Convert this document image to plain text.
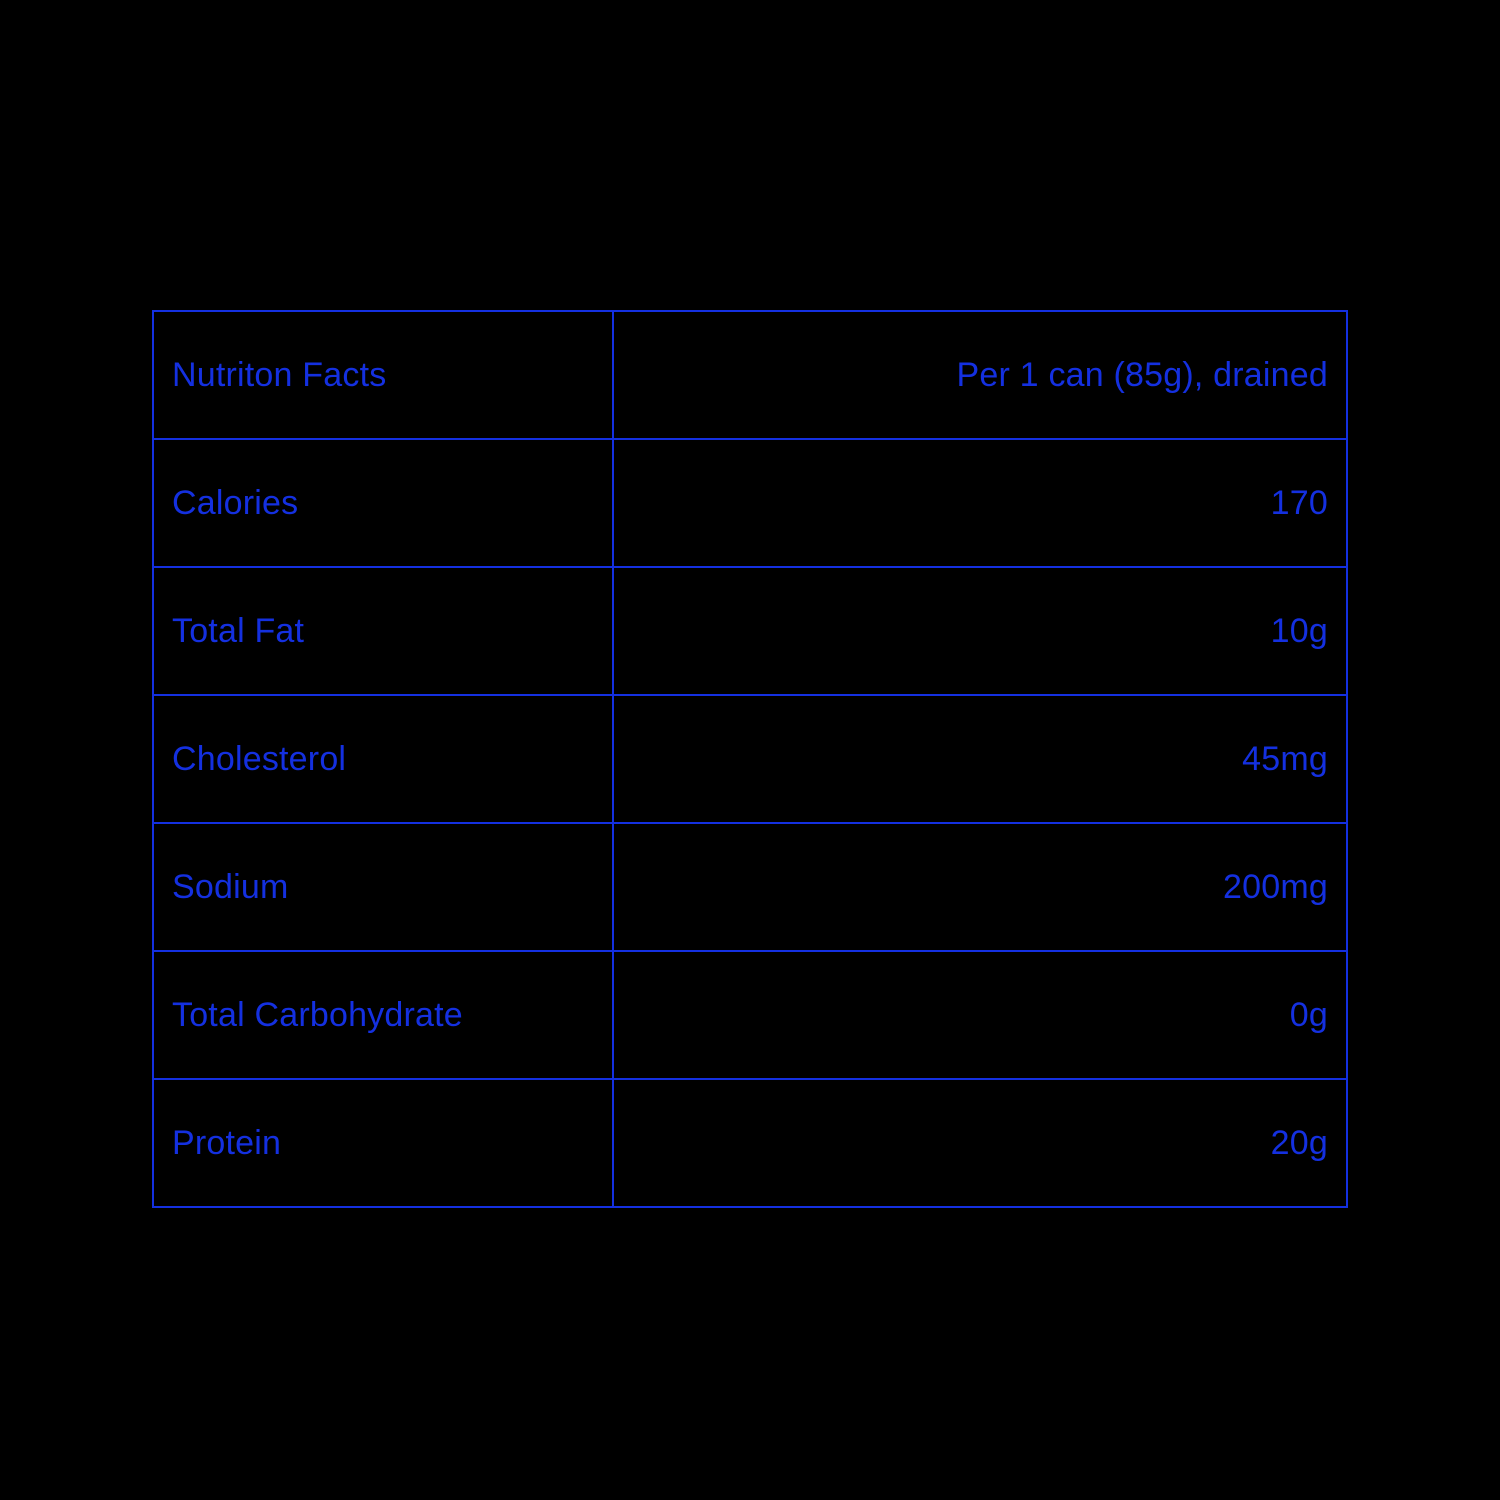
Nutriton Facts	Per 1 can (85g), drained
Calories	170
Total Fat	10g
Cholesterol	45mg
Sodium	200mg
Total Carbohydrate	0g
Protein	20g
